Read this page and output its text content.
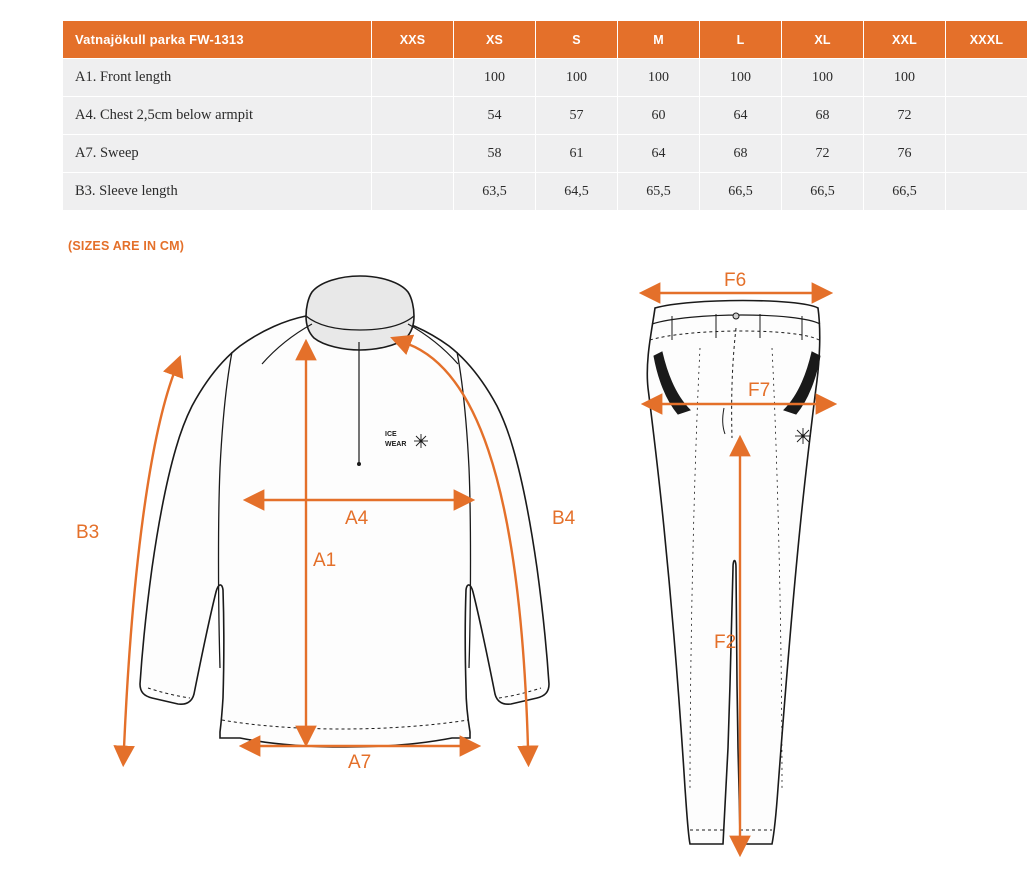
Vatnajökull parka FW-1313	XXS	XS	S	M	L	XL	XXL	XXXL
A1. Front length		100	100	100	100	100	100	
A4. Chest 2,5cm below armpit		54	57	60	64	68	72	
A7. Sweep		58	61	64	68	72	76	
B3. Sleeve length		63,5	64,5	65,5	66,5	66,5	66,5	
(SIZES ARE IN CM)
ICE
WEAR
B3
B4
A4
A1
A7
F6
F7
F2
